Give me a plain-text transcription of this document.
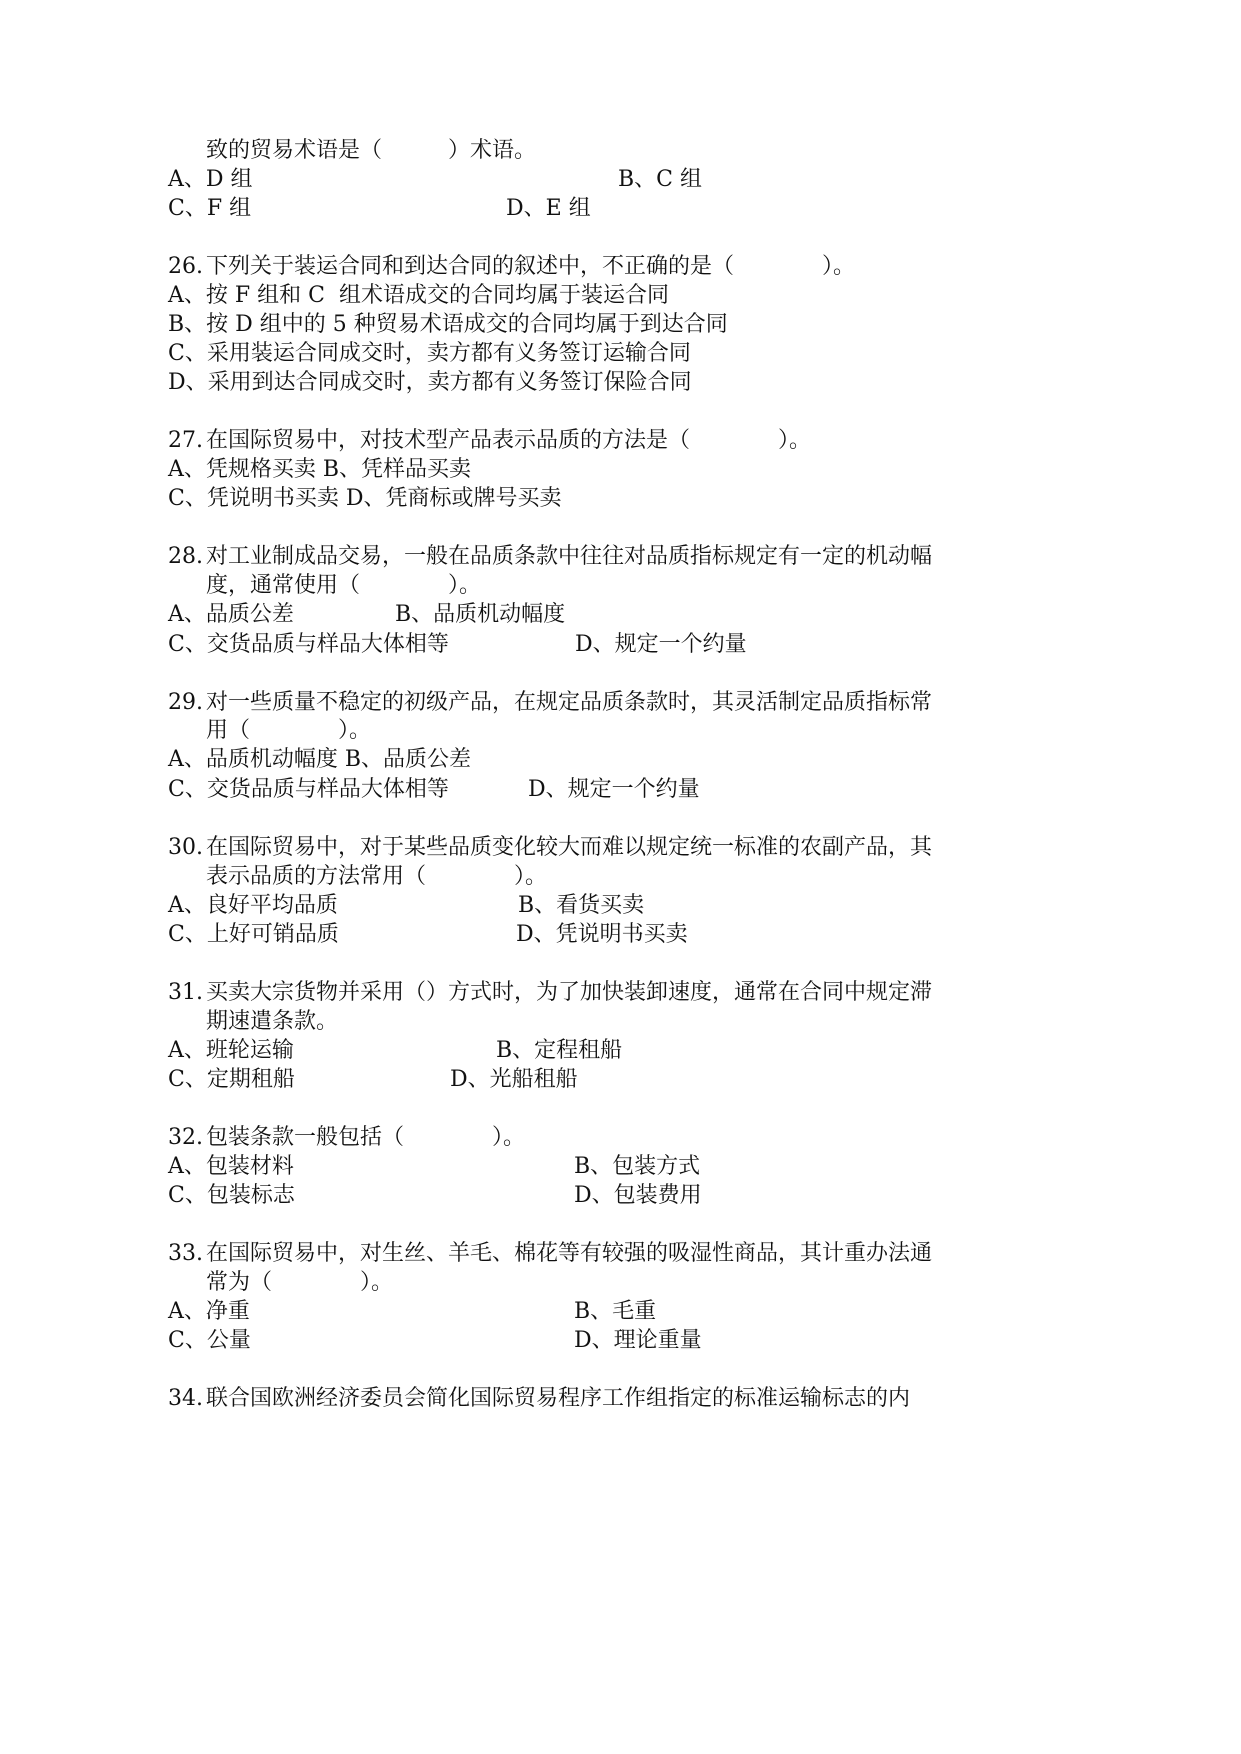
致的贸易术语是（　　　）术语。
A、D 组	B、C 组
C、F 组	D、E 组
26. 下列关于装运合同和到达合同的叙述中，不正确的是（　　　　）。
A、按 F 组和 C  组术语成交的合同均属于装运合同
B、按 D 组中的 5 种贸易术语成交的合同均属于到达合同
C、采用装运合同成交时，卖方都有义务签订运输合同
D、采用到达合同成交时，卖方都有义务签订保险合同
27. 在国际贸易中，对技术型产品表示品质的方法是（　　　　）。
A、凭规格买卖 B、凭样品买卖
C、凭说明书买卖 D、凭商标或牌号买卖
28. 对工业制成品交易，一般在品质条款中往往对品质指标规定有一定的机动幅
度，通常使用（　　　　）。
A、品质公差	B、品质机动幅度
C、交货品质与样品大体相等	D、规定一个约量
29. 对一些质量不稳定的初级产品，在规定品质条款时，其灵活制定品质指标常
用（　　　　）。
A、品质机动幅度 B、品质公差
C、交货品质与样品大体相等	D、规定一个约量
30. 在国际贸易中，对于某些品质变化较大而难以规定统一标准的农副产品，其
表示品质的方法常用（　　　　）。
A、良好平均品质	B、看货买卖
C、上好可销品质	D、凭说明书买卖
31. 买卖大宗货物并采用（）方式时，为了加快装卸速度，通常在合同中规定滞
期速遣条款。
A、班轮运输	B、定程租船
C、定期租船	D、光船租船
32. 包装条款一般包括（　　　　）。
A、包装材料	B、包装方式
C、包装标志	D、包装费用
33. 在国际贸易中，对生丝、羊毛、棉花等有较强的吸湿性商品，其计重办法通
常为（　　　　）。
A、净重	B、毛重
C、公量	D、理论重量
34. 联合国欧洲经济委员会简化国际贸易程序工作组指定的标准运输标志的内
